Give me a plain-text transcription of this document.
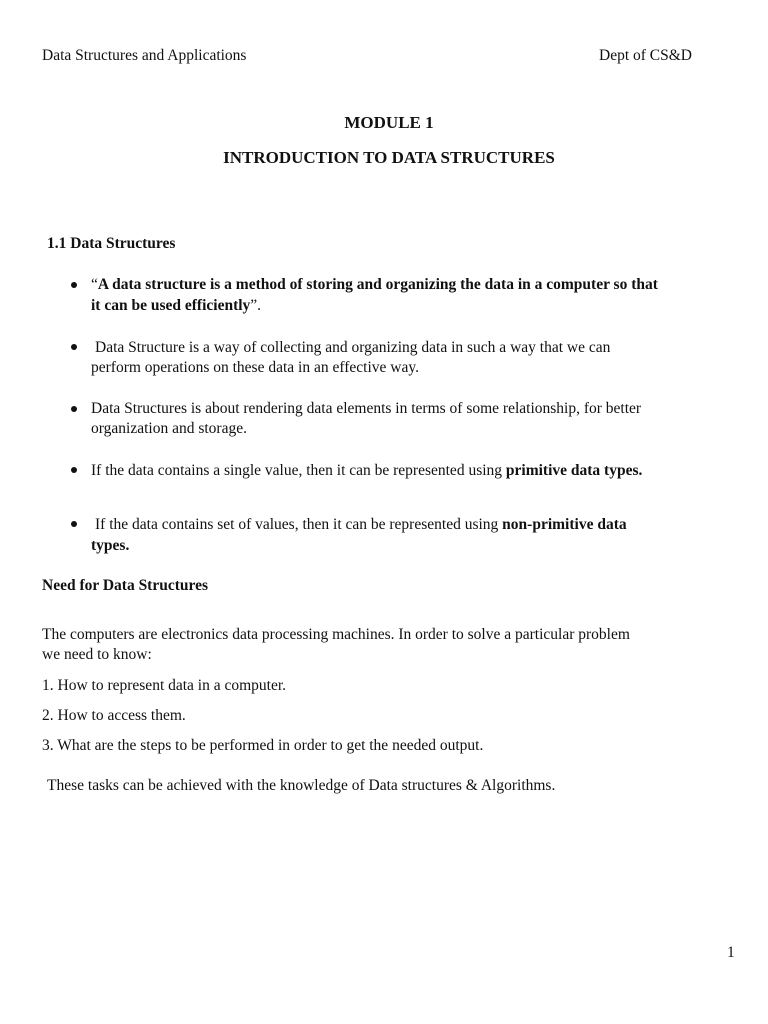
Data Structures and Applications	Dept of CS&D
MODULE 1
INTRODUCTION TO DATA STRUCTURES
1.1 Data Structures
“A data structure is a method of storing and organizing the data in a computer so that
it can be used efficiently”.
Data Structure is a way of collecting and organizing data in such a way that we can
perform operations on these data in an effective way.
Data Structures is about rendering data elements in terms of some relationship, for better
organization and storage.
If the data contains a single value, then it can be represented using primitive data types.
If the data contains set of values, then it can be represented using non-primitive data
types.
Need for Data Structures
The computers are electronics data processing machines. In order to solve a particular problem
we need to know:
1. How to represent data in a computer.
2. How to access them.
3. What are the steps to be performed in order to get the needed output.
These tasks can be achieved with the knowledge of Data structures & Algorithms.
1
